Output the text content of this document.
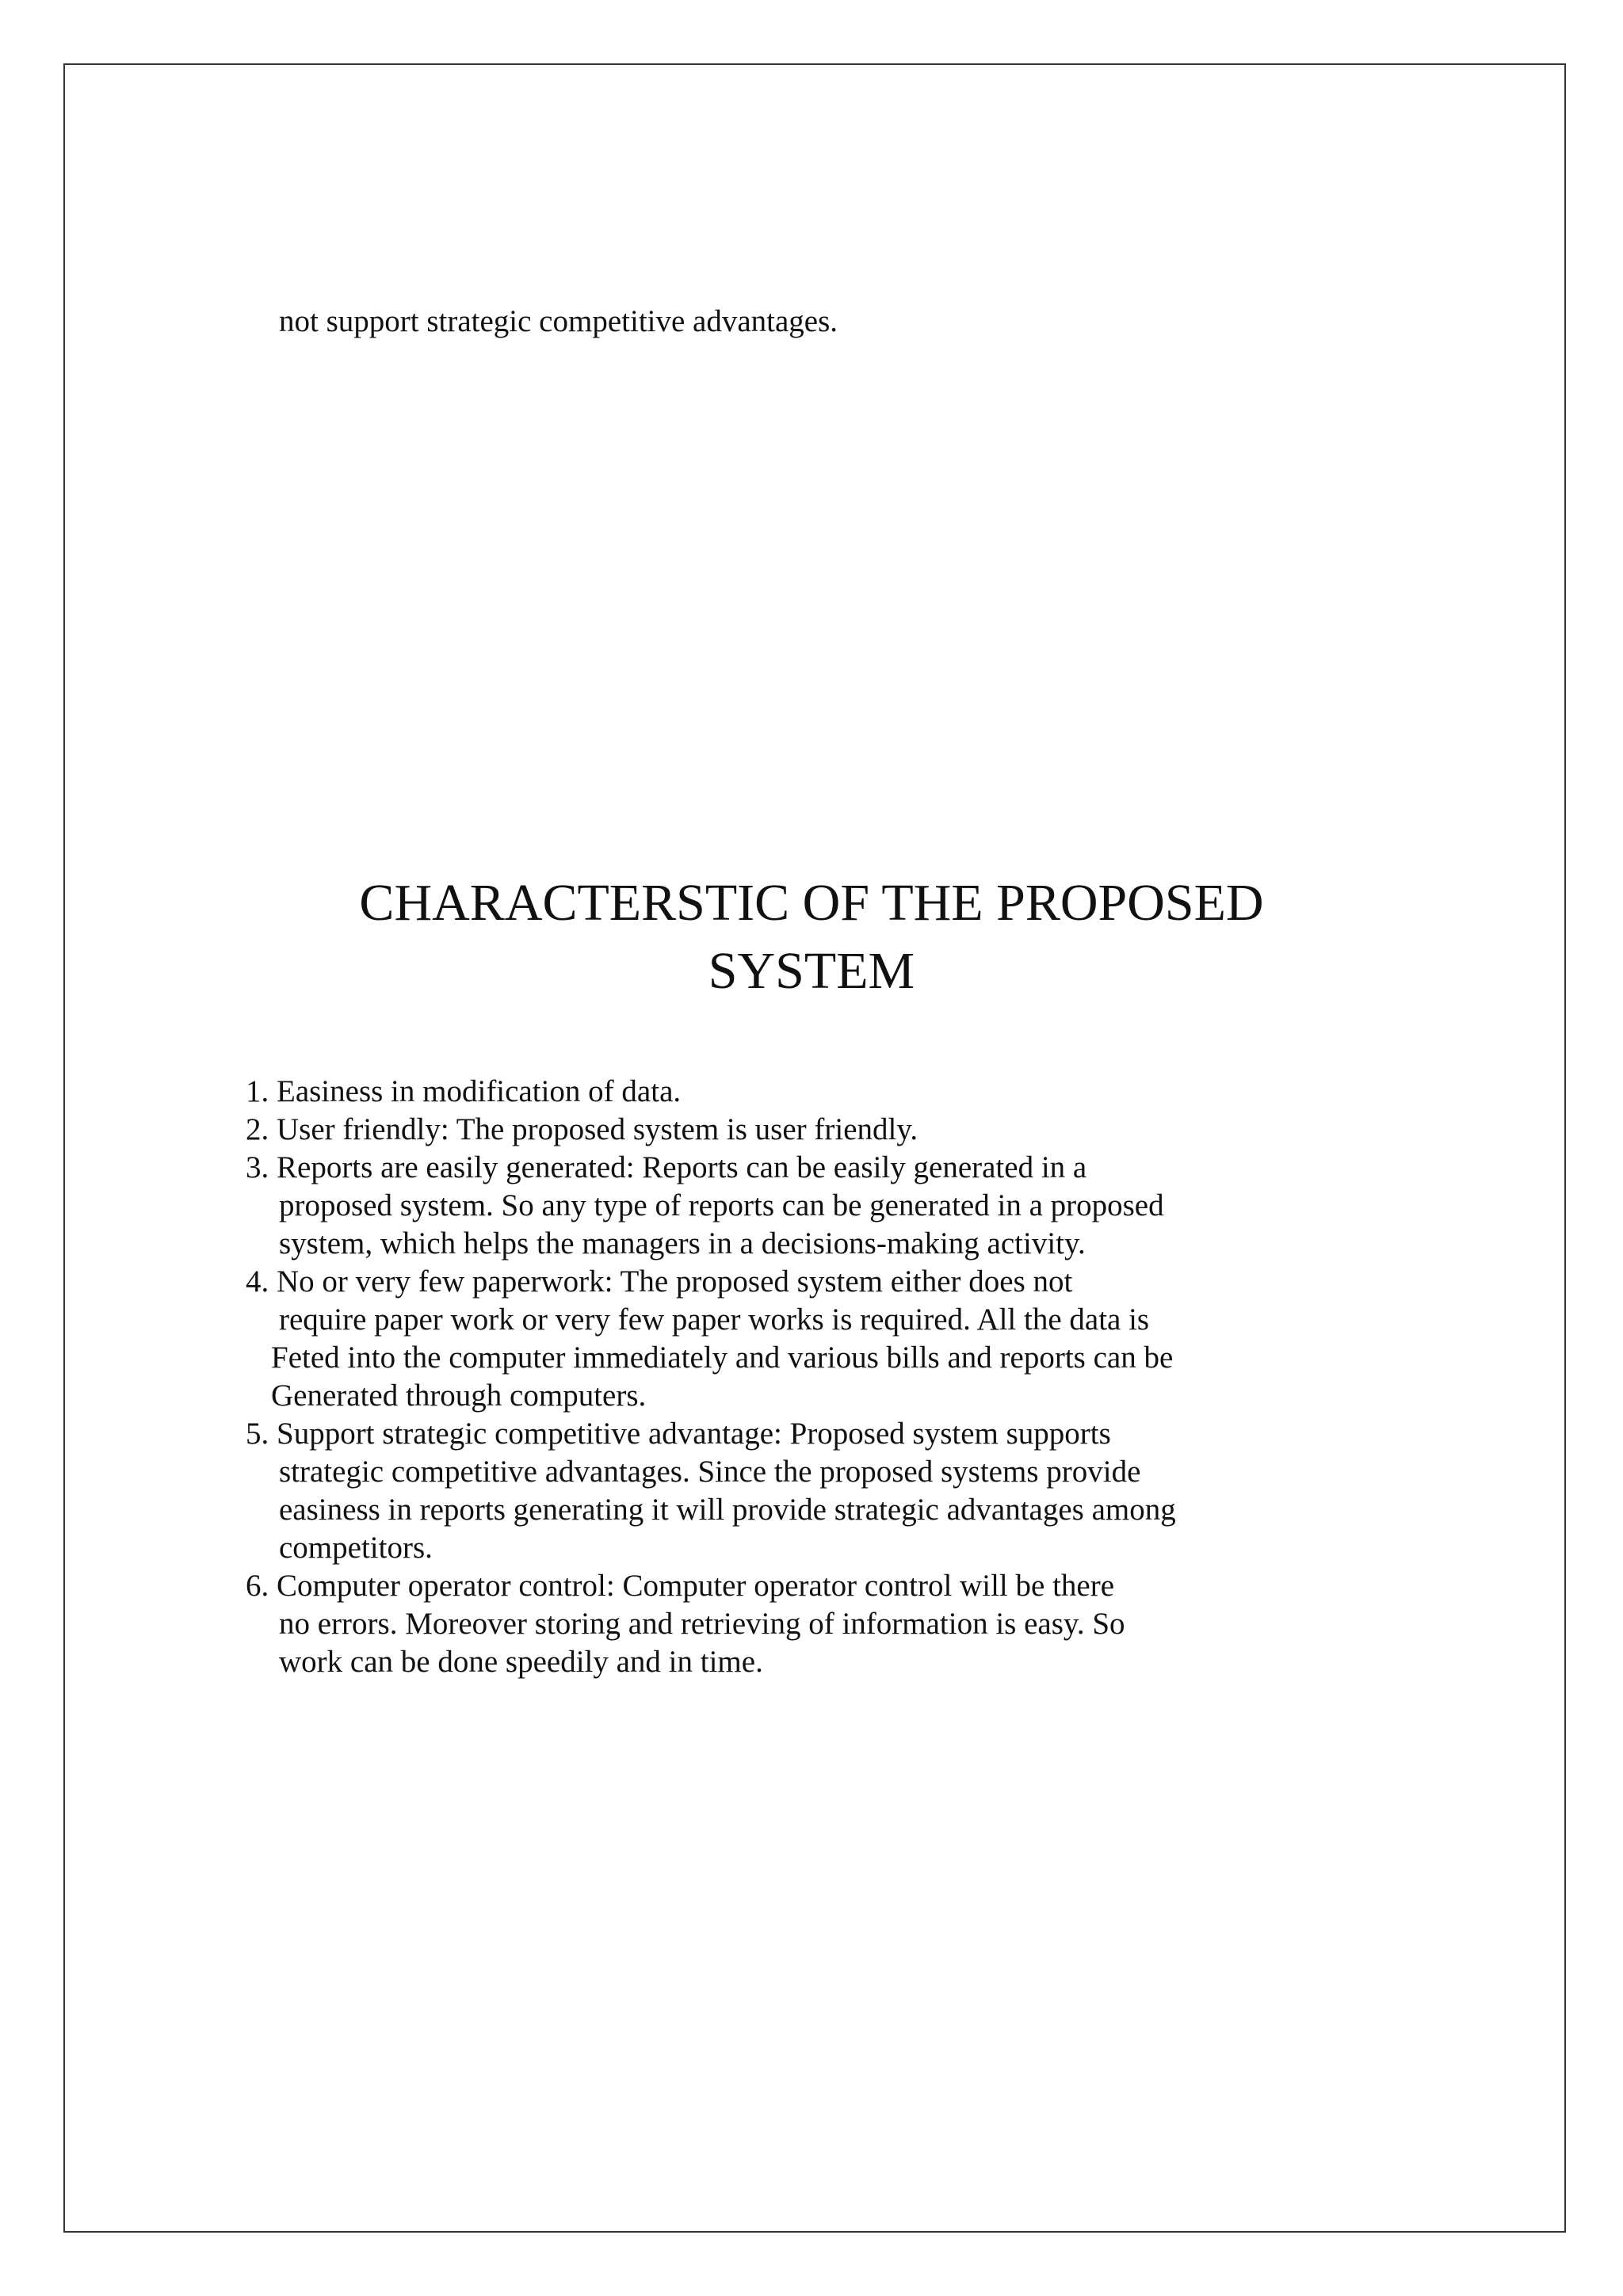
not support strategic competitive advantages.

CHARACTERSTIC OF THE PROPOSED
SYSTEM
1. Easiness in modification of data.
2. User friendly: The proposed system is user friendly.
3. Reports are easily generated: Reports can be easily generated in a
proposed system. So any type of reports can be generated in a proposed
system, which helps the managers in a decisions-making activity.
4. No or very few paperwork: The proposed system either does not
require paper work or very few paper works is required. All the data is
Feted into the computer immediately and various bills and reports can be
Generated through computers.
5. Support strategic competitive advantage: Proposed system supports
strategic competitive advantages. Since the proposed systems provide
easiness in reports generating it will provide strategic advantages among
competitors.
6. Computer operator control: Computer operator control will be there
no errors. Moreover storing and retrieving of information is easy. So
work can be done speedily and in time.
